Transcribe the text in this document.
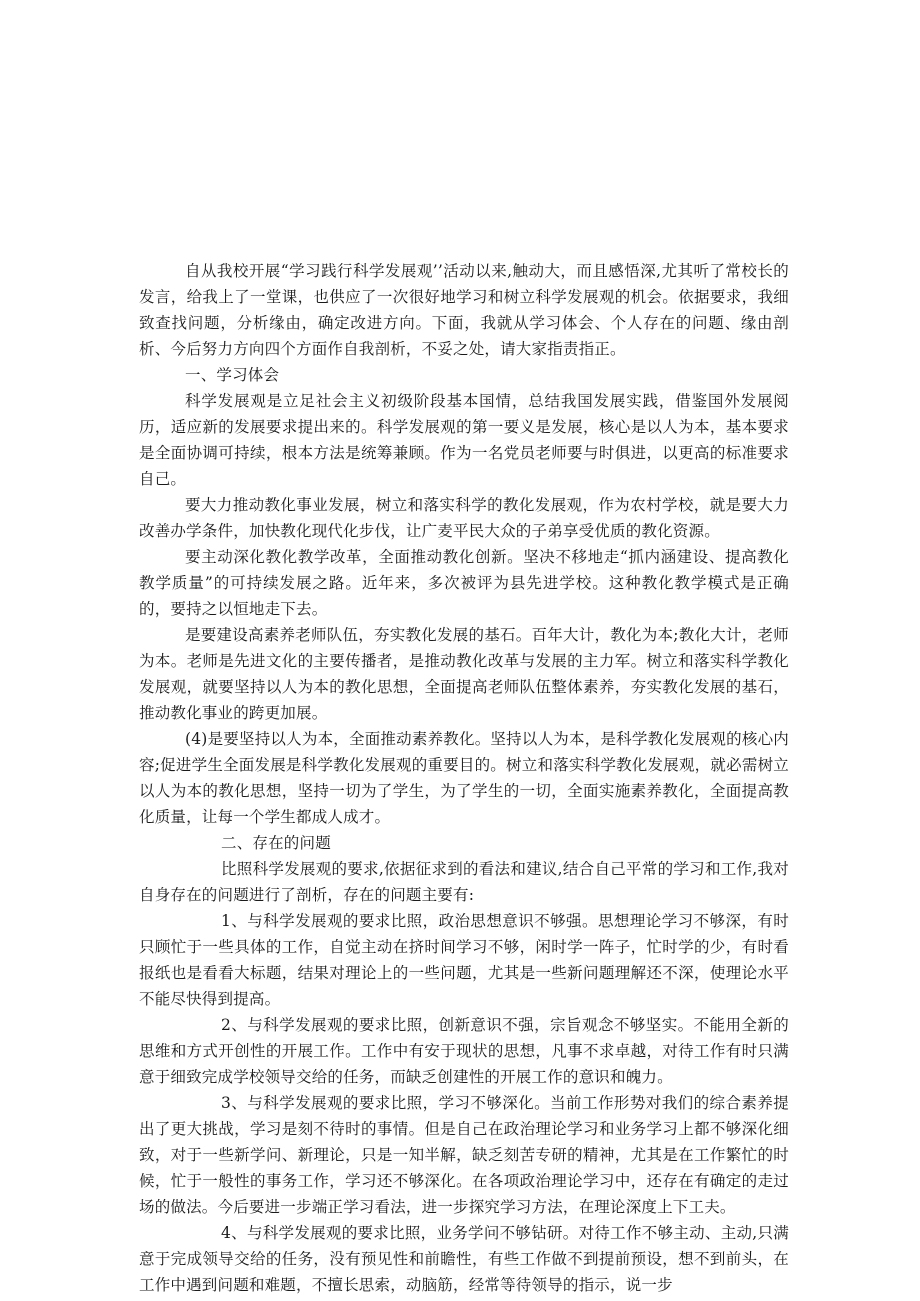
自从我校开展“学习践行科学发展观’’活动以来,触动大，而且感悟深,尤其听了常校长的发言，给我上了一堂课，也供应了一次很好地学习和树立科学发展观的机会。依据要求，我细致查找问题，分析缘由，确定改进方向。下面，我就从学习体会、个人存在的问题、缘由剖析、今后努力方向四个方面作自我剖析，不妥之处，请大家指责指正。

一、学习体会

科学发展观是立足社会主义初级阶段基本国情，总结我国发展实践，借鉴国外发展阅历，适应新的发展要求提出来的。科学发展观的第一要义是发展，核心是以人为本，基本要求是全面协调可持续，根本方法是统筹兼顾。作为一名党员老师要与时俱进，以更高的标准要求自己。

要大力推动教化事业发展，树立和落实科学的教化发展观，作为农村学校，就是要大力改善办学条件，加快教化现代化步伐，让广麦平民大众的子弟享受优质的教化资源。

要主动深化教化教学改革，全面推动教化创新。坚决不移地走“抓内涵建设、提高教化教学质量”的可持续发展之路。近年来，多次被评为县先进学校。这种教化教学模式是正确的，要持之以恒地走下去。

是要建设高素养老师队伍，夯实教化发展的基石。百年大计，教化为本;教化大计，老师为本。老师是先进文化的主要传播者，是推动教化改革与发展的主力军。树立和落实科学教化发展观，就要坚持以人为本的教化思想，全面提高老师队伍整体素养，夯实教化发展的基石，推动教化事业的跨更加展。

(4)是要坚持以人为本，全面推动素养教化。坚持以人为本，是科学教化发展观的核心内容;促进学生全面发展是科学教化发展观的重要目的。树立和落实科学教化发展观，就必需树立以人为本的教化思想，坚持一切为了学生，为了学生的一切，全面实施素养教化，全面提高教化质量，让每一个学生都成人成才。

二、存在的问题

比照科学发展观的要求,依据征求到的看法和建议,结合自己平常的学习和工作,我对自身存在的问题进行了剖析，存在的问题主要有:

1、与科学发展观的要求比照，政治思想意识不够强。思想理论学习不够深，有时只顾忙于一些具体的工作，自觉主动在挤时间学习不够，闲时学一阵子，忙时学的少，有时看报纸也是看看大标题，结果对理论上的一些问题，尤其是一些新问题理解还不深，使理论水平不能尽快得到提高。

2、与科学发展观的要求比照，创新意识不强，宗旨观念不够坚实。不能用全新的思维和方式开创性的开展工作。工作中有安于现状的思想，凡事不求卓越，对待工作有时只满意于细致完成学校领导交给的任务，而缺乏创建性的开展工作的意识和魄力。

3、与科学发展观的要求比照，学习不够深化。当前工作形势对我们的综合素养提出了更大挑战，学习是刻不待时的事情。但是自己在政治理论学习和业务学习上都不够深化细致，对于一些新学问、新理论，只是一知半解，缺乏刻苦专研的精神，尤其是在工作繁忙的时候，忙于一般性的事务工作，学习还不够深化。在各项政治理论学习中，还存在有确定的走过场的做法。今后要进一步端正学习看法，进一步探究学习方法，在理论深度上下工夫。

4、与科学发展观的要求比照，业务学问不够钻研。对待工作不够主动、主动,只满意于完成领导交给的任务，没有预见性和前瞻性，有些工作做不到提前预设，想不到前头，在工作中遇到问题和难题，不擅长思索，动脑筋，经常等待领导的指示，说一步
